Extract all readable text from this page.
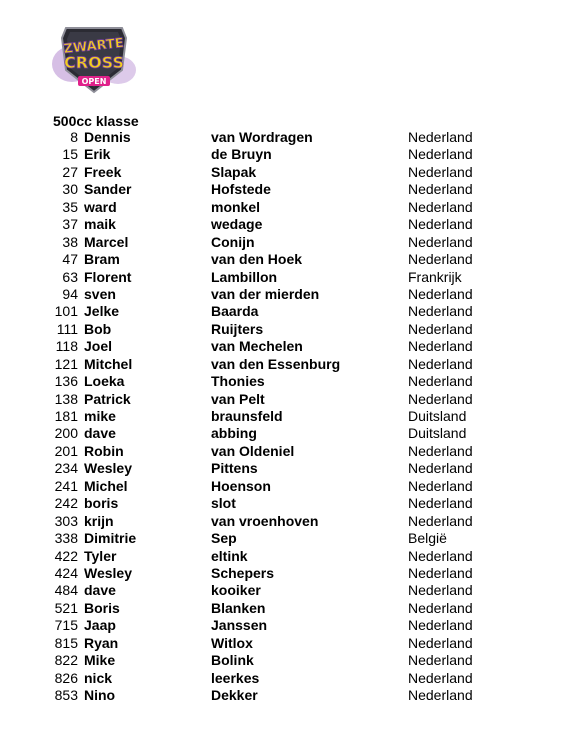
ZWARTE
CROSS
OPEN
500cc klasse
8 Dennis	van Wordragen	Nederland
15 Erik	de Bruyn	Nederland
27 Freek	Slapak	Nederland
30 Sander	Hofstede	Nederland
35 ward	monkel	Nederland
37 maik	wedage	Nederland
38 Marcel	Conijn	Nederland
47 Bram	van den Hoek	Nederland
63 Florent	Lambillon	Frankrijk
94 sven	van der mierden	Nederland
101 Jelke	Baarda	Nederland
111 Bob	Ruijters	Nederland
118 Joel	van Mechelen	Nederland
121 Mitchel	van den Essenburg	Nederland
136 Loeka	Thonies	Nederland
138 Patrick	van Pelt	Nederland
181 mike	braunsfeld	Duitsland
200 dave	abbing	Duitsland
201 Robin	van Oldeniel	Nederland
234 Wesley	Pittens	Nederland
241 Michel	Hoenson	Nederland
242 boris	slot	Nederland
303 krijn	van vroenhoven	Nederland
338 Dimitrie	Sep	België
422 Tyler	eltink	Nederland
424 Wesley	Schepers	Nederland
484 dave	kooiker	Nederland
521 Boris	Blanken	Nederland
715 Jaap	Janssen	Nederland
815 Ryan	Witlox	Nederland
822 Mike	Bolink	Nederland
826 nick	leerkes	Nederland
853 Nino	Dekker	Nederland
